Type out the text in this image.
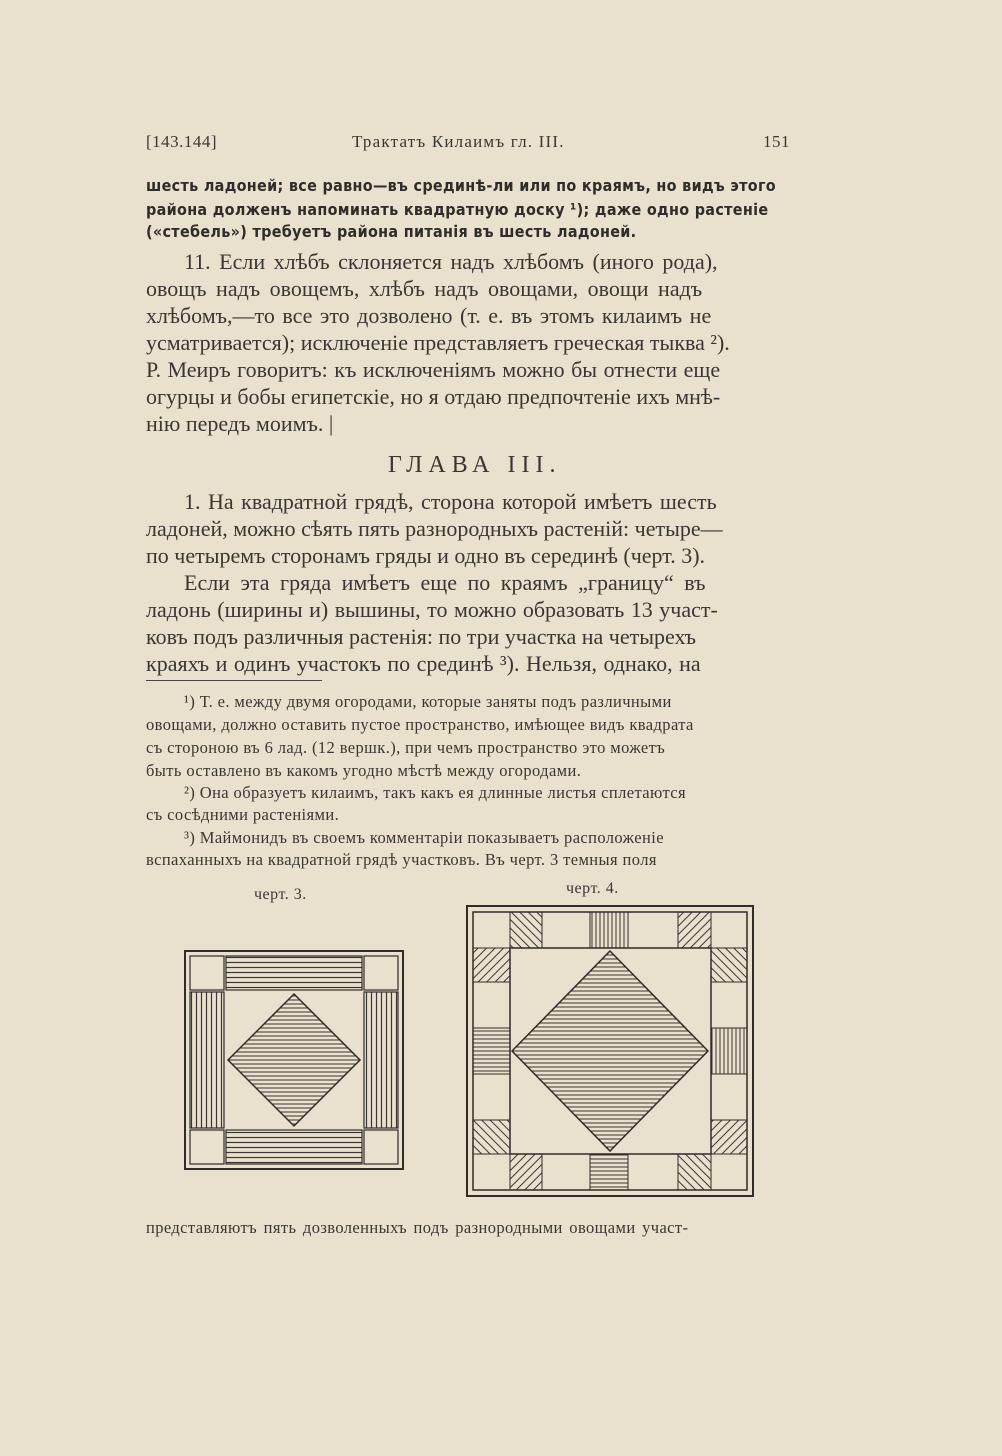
[143.144]	Трактатъ Килаимъ гл. III.	151
шесть ладоней; все равно—въ срединѣ-ли или по краямъ, но видъ этого
района долженъ напоминать квадратную доску ¹); даже одно растеніе
(«стебель») требуетъ района питанія въ шесть ладоней.
11. Если хлѣбъ склоняется надъ хлѣбомъ (иного рода),
овощъ надъ овощемъ, хлѣбъ надъ овощами, овощи надъ
хлѣбомъ,—то все это дозволено (т. е. въ этомъ килаимъ не
усматривается); исключеніе представляетъ греческая тыква ²).
Р. Меиръ говоритъ: къ исключеніямъ можно бы отнести еще
огурцы и бобы египетскіе, но я отдаю предпочтеніе ихъ мнѣ-
нію передъ моимъ. |
ГЛАВА III.
1. На квадратной грядѣ, сторона которой имѣетъ шесть
ладоней, можно сѣять пять разнородныхъ растеній: четыре—
по четыремъ сторонамъ гряды и одно въ серединѣ (черт. 3).
Если эта гряда имѣетъ еще по краямъ „границу“ въ
ладонь (ширины и) вышины, то можно образовать 13 участ-
ковъ подъ различныя растенія: по три участка на четырехъ
краяхъ и одинъ участокъ по срединѣ ³). Нельзя, однако, на
¹) Т. е. между двумя огородами, которые заняты подъ различными
овощами, должно оставить пустое пространство, имѣющее видъ квадрата
съ стороною въ 6 лад. (12 вершк.), при чемъ пространство это можетъ
быть оставлено въ какомъ угодно мѣстѣ между огородами.
²) Она образуетъ килаимъ, такъ какъ ея длинные листья сплетаются
съ сосѣдними растеніями.
³) Маймонидъ въ своемъ комментаріи показываетъ расположеніе
вспаханныхъ на квадратной грядѣ участковъ. Въ черт. 3 темныя поля
черт. 3.	черт. 4.
представляютъ пять дозволенныхъ подъ разнородными овощами участ-
